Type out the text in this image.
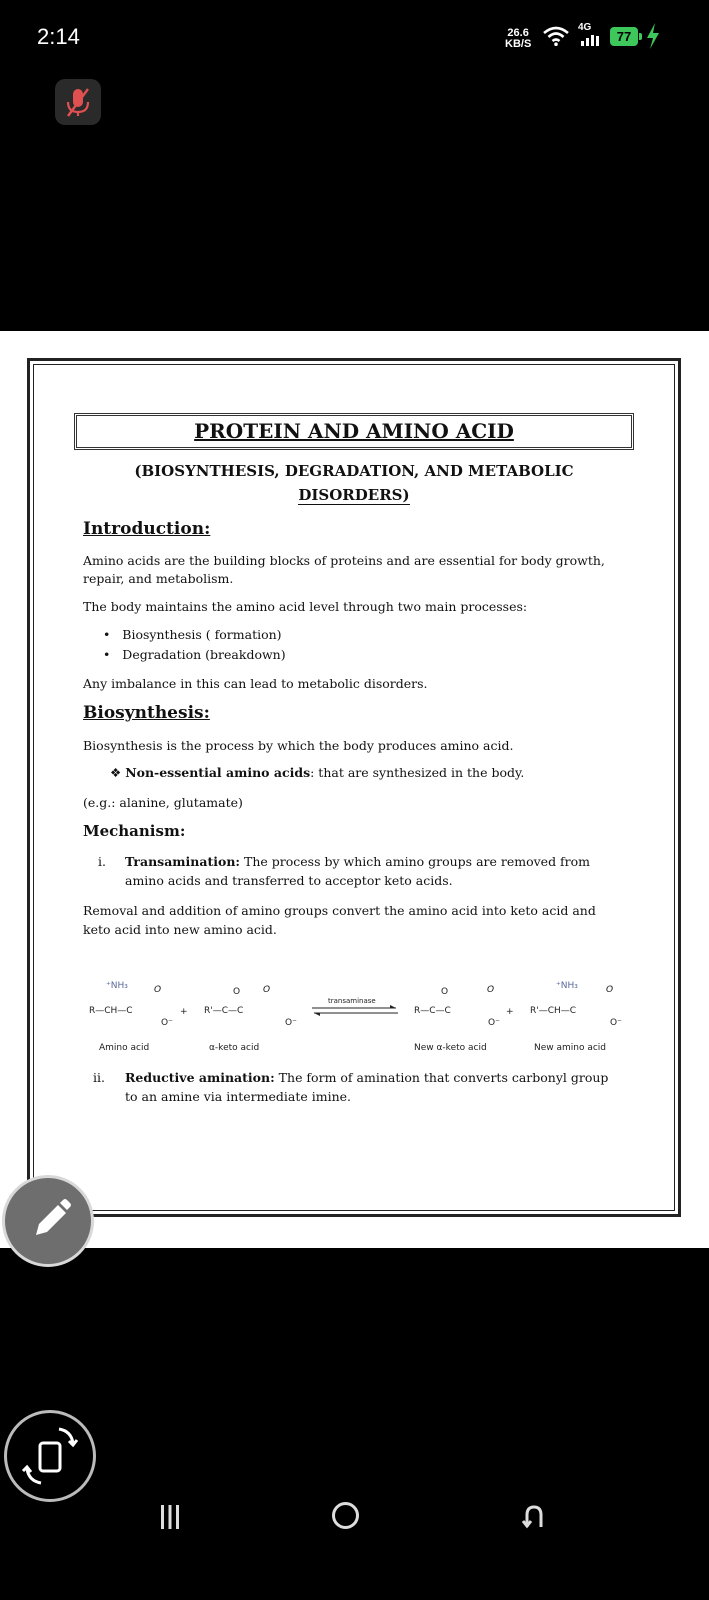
2:14	26.6
KB/S
4G
77
PROTEIN AND AMINO ACID
(BIOSYNTHESIS, DEGRADATION, AND METABOLIC
DISORDERS)
Introduction:
Amino acids are the building blocks of proteins and are essential for body growth,
repair, and metabolism.
The body maintains the amino acid level through two main processes:
•   Biosynthesis ( formation)
•   Degradation (breakdown)
Any imbalance in this can lead to metabolic disorders.
Biosynthesis:
Biosynthesis is the process by which the body produces amino acid.
❖ Non-essential amino acids: that are synthesized in the body.
(e.g.: alanine, glutamate)
Mechanism:
i. Transamination: The process by which amino groups are removed from
amino acids and transferred to acceptor keto acids.
Removal and addition of amino groups convert the amino acid into keto acid and
keto acid into new amino acid.
⁺NH₃
R—CH—C
O
O⁻
+
O
R'—C—C
O
O⁻
transaminase
O
R—C—C
O
O⁻
+
⁺NH₃
R'—CH—C
O
O⁻
Amino acid	α-keto acid	New α-keto acid	New amino acid
ii. Reductive amination: The form of amination that converts carbonyl group
to an amine via intermediate imine.
